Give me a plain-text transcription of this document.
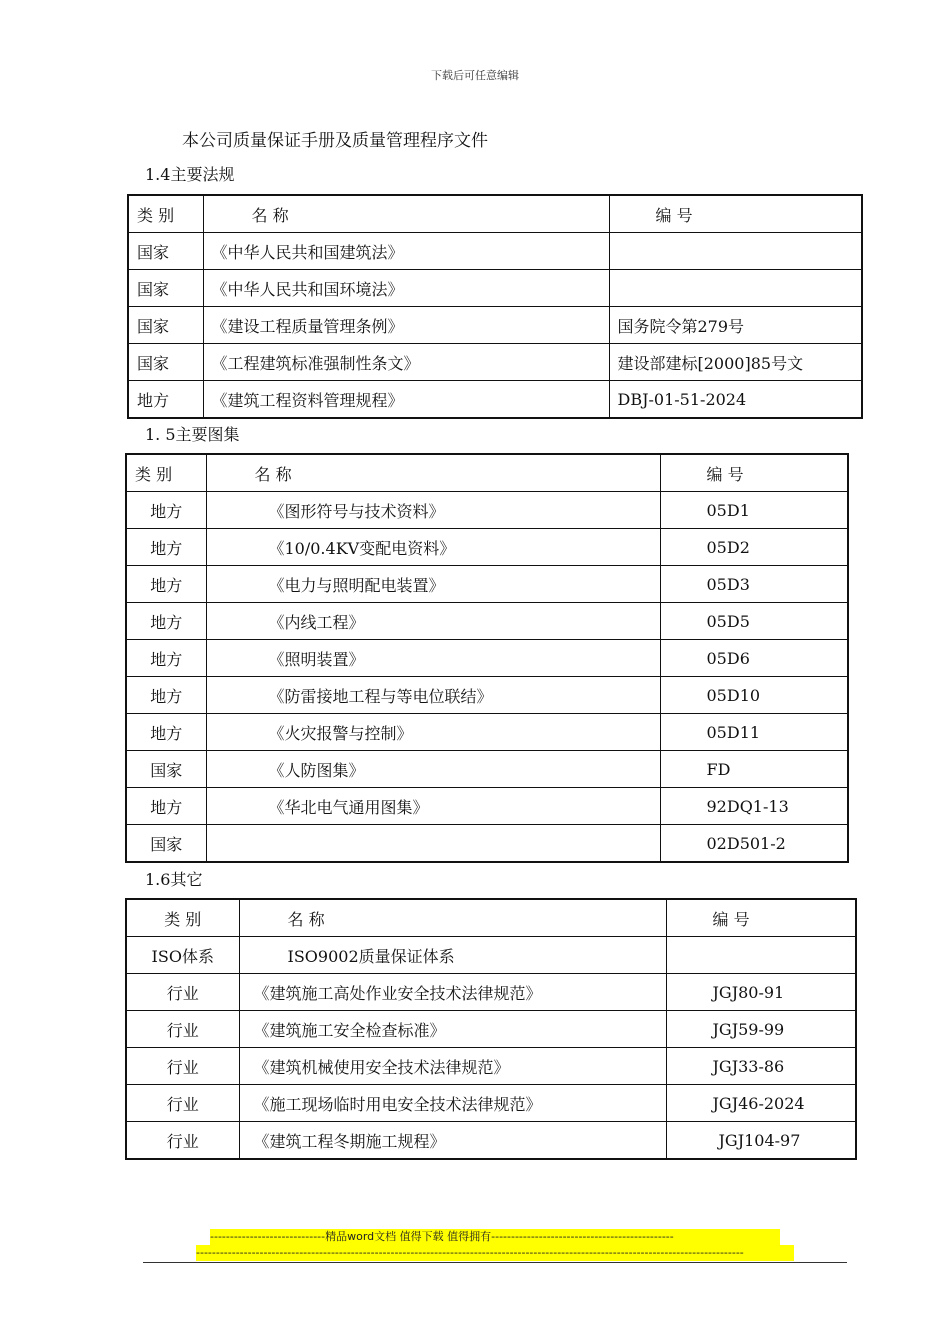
下载后可任意编辑
本公司质量保证手册及质量管理程序文件
1.4主要法规
类 别	名 称	编 号
国家	《中华人民共和国建筑法》	
国家	《中华人民共和国环境法》	
国家	《建设工程质量管理条例》	国务院令第279号
国家	《工程建筑标准强制性条文》	建设部建标[2000]85号文
地方	《建筑工程资料管理规程》	DBJ-01-51-2024
1. 5主要图集
类 别	名 称	编 号
地方	《图形符号与技术资料》	05D1
地方	《10/0.4KV变配电资料》	05D2
地方	《电力与照明配电装置》	05D3
地方	《内线工程》	05D5
地方	《照明装置》	05D6
地方	《防雷接地工程与等电位联结》	05D10
地方	《火灾报警与控制》	05D11
国家	《人防图集》	FD
地方	《华北电气通用图集》	92DQ1-13
国家		02D501-2
1.6其它
类 别	名 称	编 号
ISO体系	ISO9002质量保证体系	
行业	《建筑施工高处作业安全技术法律规范》	JGJ80-91
行业	《建筑施工安全检查标准》	JGJ59-99
行业	《建筑机械使用安全技术法律规范》	JGJ33-86
行业	《施工现场临时用电安全技术法律规范》	JGJ46-2024
行业	《建筑工程冬期施工规程》	JGJ104-97
-----------------------------精品word文档 值得下载 值得拥有----------------------------------------------
------------------------------------------------------------------------------------------------------------------------------------------
